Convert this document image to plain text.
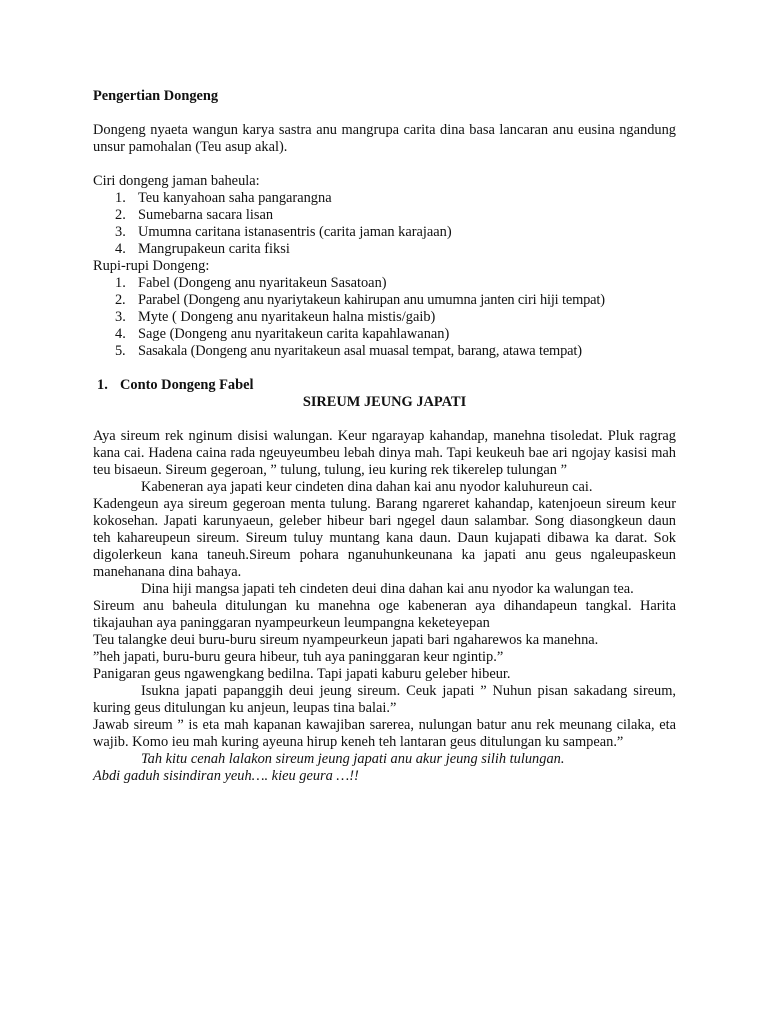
Pengertian Dongeng

Dongeng nyaeta wangun karya sastra anu mangrupa carita dina basa lancaran anu eusina ngandung unsur pamohalan (Teu asup akal).

Ciri dongeng jaman baheula:

1. Teu kanyahoan saha pangarangna
2. Sumebarna sacara lisan
3. Umumna caritana istanasentris (carita jaman karajaan)
4. Mangrupakeun carita fiksi

Rupi-rupi Dongeng:

1. Fabel (Dongeng anu nyaritakeun Sasatoan)
2. Parabel (Dongeng anu nyariytakeun kahirupan anu umumna janten ciri hiji tempat)
3. Myte ( Dongeng anu nyaritakeun halna mistis/gaib)
4. Sage (Dongeng anu nyaritakeun carita kapahlawanan)
5. Sasakala (Dongeng anu nyaritakeun asal muasal tempat, barang, atawa tempat)

1. Conto Dongeng Fabel

SIREUM JEUNG JAPATI

Aya sireum rek nginum disisi walungan. Keur ngarayap kahandap, manehna tisoledat. Pluk ragrag kana cai. Hadena caina rada ngeuyeumbeu lebah dinya mah. Tapi keukeuh bae ari ngojay kasisi mah teu bisaeun. Sireum gegeroan, ” tulung, tulung, ieu kuring rek tikerelep tulungan ”

Kabeneran aya japati keur cindeten dina dahan kai anu nyodor kaluhureun cai.

Kadengeun aya sireum gegeroan menta tulung. Barang ngareret kahandap, katenjoeun sireum keur kokosehan. Japati karunyaeun, geleber hibeur bari ngegel daun salambar. Song diasongkeun daun teh kahareupeun sireum. Sireum tuluy muntang kana daun. Daun kujapati dibawa ka darat. Sok digolerkeun kana taneuh.Sireum pohara nganuhunkeunana ka japati anu geus ngaleupaskeun manehanana dina bahaya.

Dina hiji mangsa japati teh cindeten deui dina dahan kai anu nyodor ka walungan tea.

Sireum anu baheula ditulungan ku manehna oge kabeneran aya dihandapeun tangkal. Harita tikajauhan aya paninggaran nyampeurkeun leumpangna keketeyepan

Teu talangke deui buru-buru sireum nyampeurkeun japati bari ngaharewos ka manehna.

”heh japati, buru-buru geura hibeur, tuh aya paninggaran keur ngintip.”

Panigaran geus ngawengkang bedilna. Tapi japati kaburu geleber hibeur.

Isukna japati papanggih deui jeung sireum. Ceuk japati ” Nuhun pisan sakadang sireum, kuring geus ditulungan ku anjeun, leupas tina balai.”

Jawab sireum ” is eta mah kapanan kawajiban sarerea, nulungan batur anu rek meunang cilaka, eta wajib. Komo ieu mah kuring ayeuna hirup keneh teh lantaran geus ditulungan ku sampean.”

Tah kitu cenah lalakon sireum jeung japati anu akur jeung silih tulungan.

Abdi gaduh sisindiran yeuh…. kieu geura …!!
